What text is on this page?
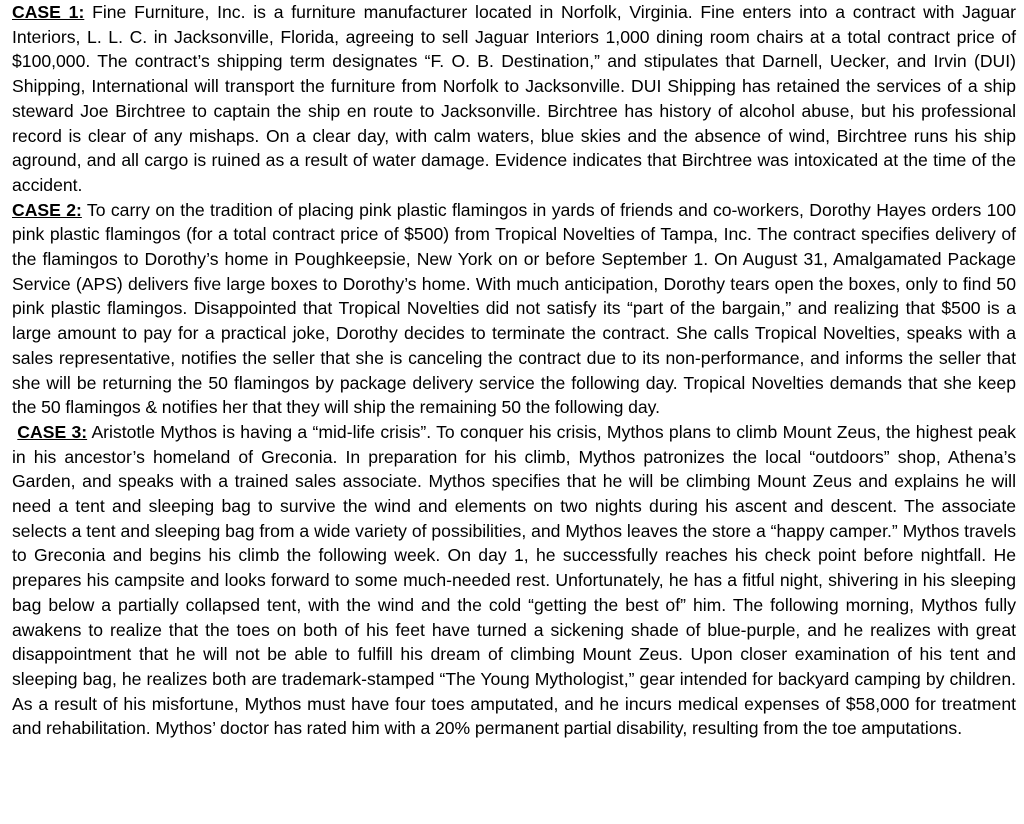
CASE 1: Fine Furniture, Inc. is a furniture manufacturer located in Norfolk, Virginia. Fine enters into a contract with Jaguar Interiors, L. L. C. in Jacksonville, Florida, agreeing to sell Jaguar Interiors 1,000 dining room chairs at a total contract price of $100,000. The contract’s shipping term designates “F. O. B. Destination,” and stipulates that Darnell, Uecker, and Irvin (DUI) Shipping, International will transport the furniture from Norfolk to Jacksonville. DUI Shipping has retained the services of a ship steward Joe Birchtree to captain the ship en route to Jacksonville. Birchtree has history of alcohol abuse, but his professional record is clear of any mishaps. On a clear day, with calm waters, blue skies and the absence of wind, Birchtree runs his ship aground, and all cargo is ruined as a result of water damage. Evidence indicates that Birchtree was intoxicated at the time of the accident.

CASE 2: To carry on the tradition of placing pink plastic flamingos in yards of friends and co-workers, Dorothy Hayes orders 100 pink plastic flamingos (for a total contract price of $500) from Tropical Novelties of Tampa, Inc. The contract specifies delivery of the flamingos to Dorothy’s home in Poughkeepsie, New York on or before September 1. On August 31, Amalgamated Package Service (APS) delivers five large boxes to Dorothy’s home. With much anticipation, Dorothy tears open the boxes, only to find 50 pink plastic flamingos. Disappointed that Tropical Novelties did not satisfy its “part of the bargain,” and realizing that $500 is a large amount to pay for a practical joke, Dorothy decides to terminate the contract. She calls Tropical Novelties, speaks with a sales representative, notifies the seller that she is canceling the contract due to its non-performance, and informs the seller that she will be returning the 50 flamingos by package delivery service the following day. Tropical Novelties demands that she keep the 50 flamingos & notifies her that they will ship the remaining 50 the following day.

CASE 3: Aristotle Mythos is having a “mid-life crisis”. To conquer his crisis, Mythos plans to climb Mount Zeus, the highest peak in his ancestor’s homeland of Greconia. In preparation for his climb, Mythos patronizes the local “outdoors” shop, Athena’s Garden, and speaks with a trained sales associate. Mythos specifies that he will be climbing Mount Zeus and explains he will need a tent and sleeping bag to survive the wind and elements on two nights during his ascent and descent. The associate selects a tent and sleeping bag from a wide variety of possibilities, and Mythos leaves the store a “happy camper.” Mythos travels to Greconia and begins his climb the following week. On day 1, he successfully reaches his check point before nightfall. He prepares his campsite and looks forward to some much-needed rest. Unfortunately, he has a fitful night, shivering in his sleeping bag below a partially collapsed tent, with the wind and the cold “getting the best of” him. The following morning, Mythos fully awakens to realize that the toes on both of his feet have turned a sickening shade of blue-purple, and he realizes with great disappointment that he will not be able to fulfill his dream of climbing Mount Zeus. Upon closer examination of his tent and sleeping bag, he realizes both are trademark-stamped “The Young Mythologist,” gear intended for backyard camping by children. As a result of his misfortune, Mythos must have four toes amputated, and he incurs medical expenses of $58,000 for treatment and rehabilitation. Mythos’ doctor has rated him with a 20% permanent partial disability, resulting from the toe amputations.
